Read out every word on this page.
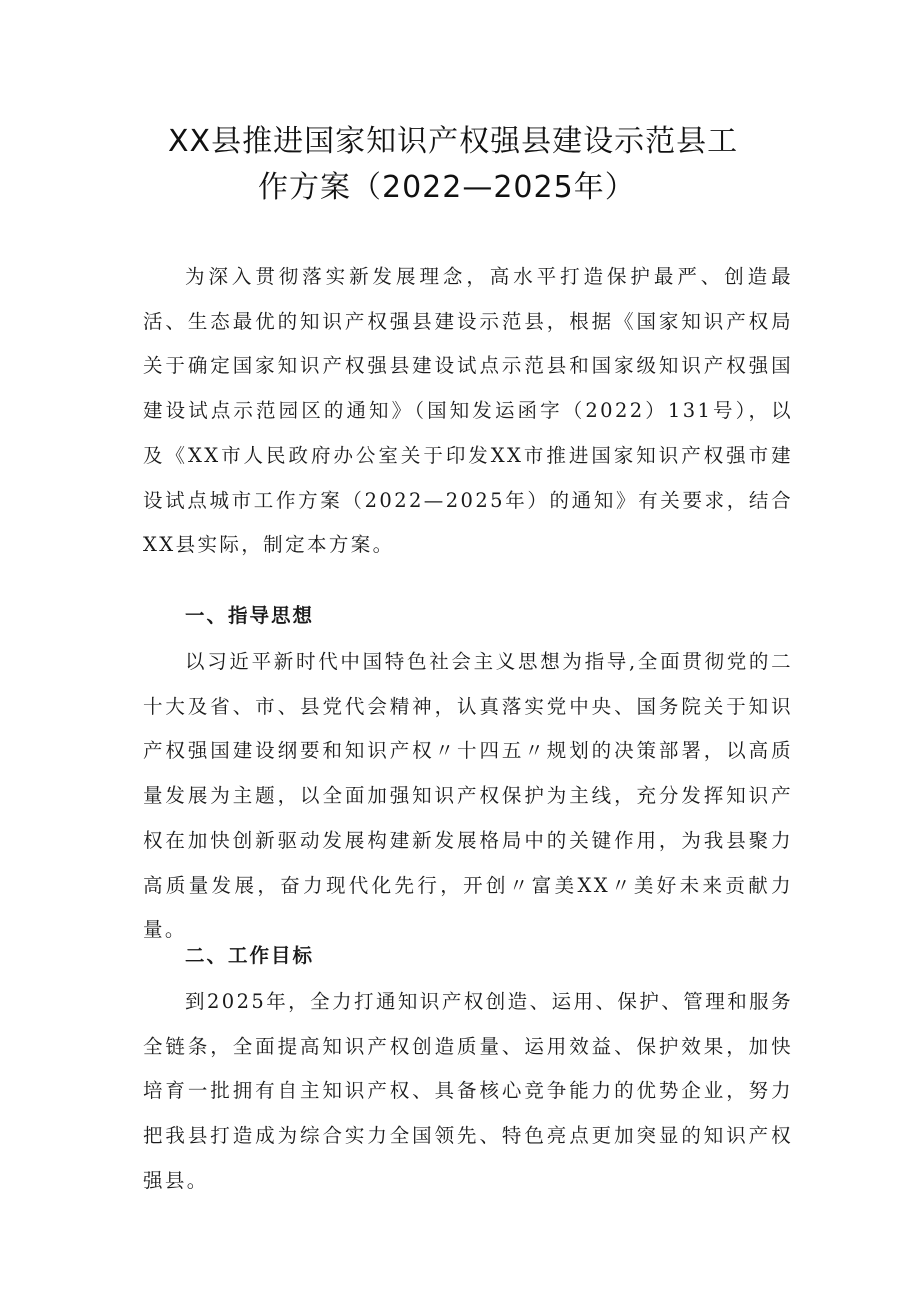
XX县推进国家知识产权强县建设示范县工
作方案（2022—2025年）

为深入贯彻落实新发展理念，高水平打造保护最严、创造最活、生态最优的知识产权强县建设示范县，根据《国家知识产权局关于确定国家知识产权强县建设试点示范县和国家级知识产权强国建设试点示范园区的通知》（国知发运函字（2022）131号），以及《XX市人民政府办公室关于印发XX市推进国家知识产权强市建设试点城市工作方案（2022—2025年）的通知》有关要求，结合XX县实际，制定本方案。

一、指导思想

以习近平新时代中国特色社会主义思想为指导,全面贯彻党的二十大及省、市、县党代会精神，认真落实党中央、国务院关于知识产权强国建设纲要和知识产权〃十四五〃规划的决策部署，以高质量发展为主题，以全面加强知识产权保护为主线，充分发挥知识产权在加快创新驱动发展构建新发展格局中的关键作用，为我县聚力高质量发展，奋力现代化先行，开创〃富美XX〃美好未来贡献力量。

二、工作目标

到2025年，全力打通知识产权创造、运用、保护、管理和服务全链条，全面提高知识产权创造质量、运用效益、保护效果，加快培育一批拥有自主知识产权、具备核心竞争能力的优势企业，努力把我县打造成为综合实力全国领先、特色亮点更加突显的知识产权强县。
